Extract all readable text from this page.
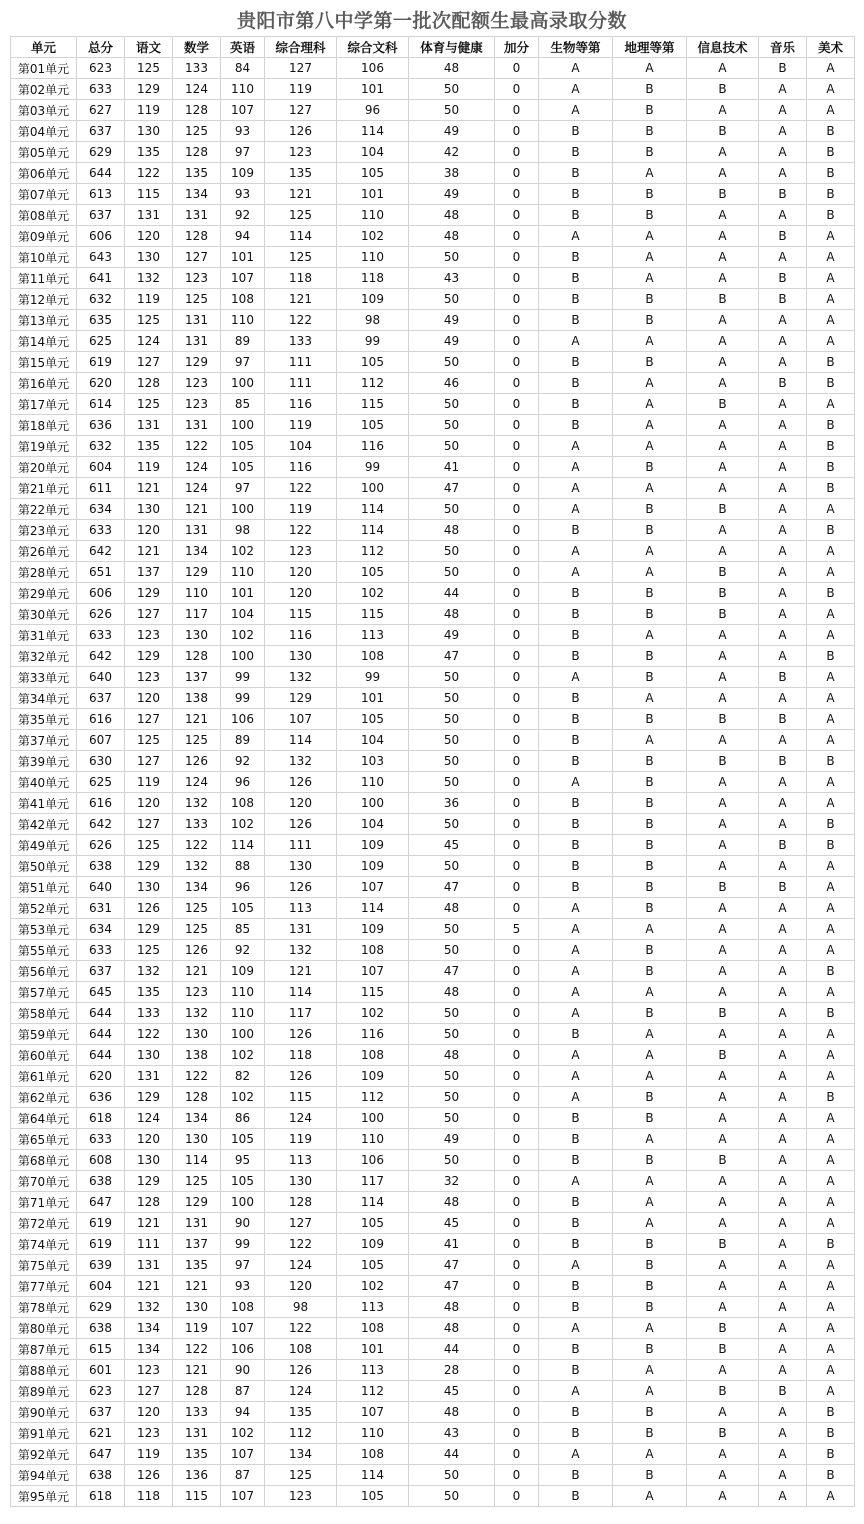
贵阳市第八中学第一批次配额生最高录取分数
单元	总分	语文	数学	英语	综合理科	综合文科	体育与健康	加分	生物等第	地理等第	信息技术	音乐	美术
第01单元	623	125	133	84	127	106	48	0	A	A	A	B	A
第02单元	633	129	124	110	119	101	50	0	A	B	B	A	A
第03单元	627	119	128	107	127	96	50	0	A	B	A	A	A
第04单元	637	130	125	93	126	114	49	0	B	B	B	A	B
第05单元	629	135	128	97	123	104	42	0	B	B	A	A	B
第06单元	644	122	135	109	135	105	38	0	B	A	A	A	B
第07单元	613	115	134	93	121	101	49	0	B	B	B	B	B
第08单元	637	131	131	92	125	110	48	0	B	B	A	A	B
第09单元	606	120	128	94	114	102	48	0	A	A	A	B	A
第10单元	643	130	127	101	125	110	50	0	B	A	A	A	A
第11单元	641	132	123	107	118	118	43	0	B	A	A	B	A
第12单元	632	119	125	108	121	109	50	0	B	B	B	B	A
第13单元	635	125	131	110	122	98	49	0	B	B	A	A	A
第14单元	625	124	131	89	133	99	49	0	A	A	A	A	A
第15单元	619	127	129	97	111	105	50	0	B	B	A	A	B
第16单元	620	128	123	100	111	112	46	0	B	A	A	B	B
第17单元	614	125	123	85	116	115	50	0	B	A	B	A	A
第18单元	636	131	131	100	119	105	50	0	B	A	A	A	B
第19单元	632	135	122	105	104	116	50	0	A	A	A	A	B
第20单元	604	119	124	105	116	99	41	0	A	B	A	A	B
第21单元	611	121	124	97	122	100	47	0	A	A	A	A	B
第22单元	634	130	121	100	119	114	50	0	A	B	B	A	A
第23单元	633	120	131	98	122	114	48	0	B	B	A	A	B
第26单元	642	121	134	102	123	112	50	0	A	A	A	A	A
第28单元	651	137	129	110	120	105	50	0	A	A	B	A	A
第29单元	606	129	110	101	120	102	44	0	B	B	B	A	B
第30单元	626	127	117	104	115	115	48	0	B	B	B	A	A
第31单元	633	123	130	102	116	113	49	0	B	A	A	A	A
第32单元	642	129	128	100	130	108	47	0	B	B	A	A	B
第33单元	640	123	137	99	132	99	50	0	A	B	A	B	A
第34单元	637	120	138	99	129	101	50	0	B	A	A	A	A
第35单元	616	127	121	106	107	105	50	0	B	B	B	B	A
第37单元	607	125	125	89	114	104	50	0	B	A	A	A	A
第39单元	630	127	126	92	132	103	50	0	B	B	B	B	B
第40单元	625	119	124	96	126	110	50	0	A	B	A	A	A
第41单元	616	120	132	108	120	100	36	0	B	B	A	A	A
第42单元	642	127	133	102	126	104	50	0	B	B	A	A	B
第49单元	626	125	122	114	111	109	45	0	B	B	A	B	B
第50单元	638	129	132	88	130	109	50	0	B	B	A	A	A
第51单元	640	130	134	96	126	107	47	0	B	B	B	B	A
第52单元	631	126	125	105	113	114	48	0	A	B	A	A	A
第53单元	634	129	125	85	131	109	50	5	A	A	A	A	A
第55单元	633	125	126	92	132	108	50	0	A	B	A	A	A
第56单元	637	132	121	109	121	107	47	0	A	B	A	A	B
第57单元	645	135	123	110	114	115	48	0	A	A	A	A	A
第58单元	644	133	132	110	117	102	50	0	A	B	B	A	B
第59单元	644	122	130	100	126	116	50	0	B	A	A	A	A
第60单元	644	130	138	102	118	108	48	0	A	A	B	A	A
第61单元	620	131	122	82	126	109	50	0	A	A	A	A	A
第62单元	636	129	128	102	115	112	50	0	A	B	A	A	B
第64单元	618	124	134	86	124	100	50	0	B	B	A	A	A
第65单元	633	120	130	105	119	110	49	0	B	A	A	A	A
第68单元	608	130	114	95	113	106	50	0	B	B	B	A	A
第70单元	638	129	125	105	130	117	32	0	A	A	A	A	A
第71单元	647	128	129	100	128	114	48	0	B	A	A	A	A
第72单元	619	121	131	90	127	105	45	0	B	A	A	A	A
第74单元	619	111	137	99	122	109	41	0	B	B	B	A	B
第75单元	639	131	135	97	124	105	47	0	A	B	A	A	A
第77单元	604	121	121	93	120	102	47	0	B	B	A	A	A
第78单元	629	132	130	108	98	113	48	0	B	B	A	A	A
第80单元	638	134	119	107	122	108	48	0	A	A	B	A	A
第87单元	615	134	122	106	108	101	44	0	B	B	B	A	A
第88单元	601	123	121	90	126	113	28	0	B	A	A	A	A
第89单元	623	127	128	87	124	112	45	0	A	A	B	B	A
第90单元	637	120	133	94	135	107	48	0	B	B	A	A	B
第91单元	621	123	131	102	112	110	43	0	B	B	B	A	B
第92单元	647	119	135	107	134	108	44	0	A	A	A	A	B
第94单元	638	126	136	87	125	114	50	0	B	B	A	A	B
第95单元	618	118	115	107	123	105	50	0	B	A	A	A	A
